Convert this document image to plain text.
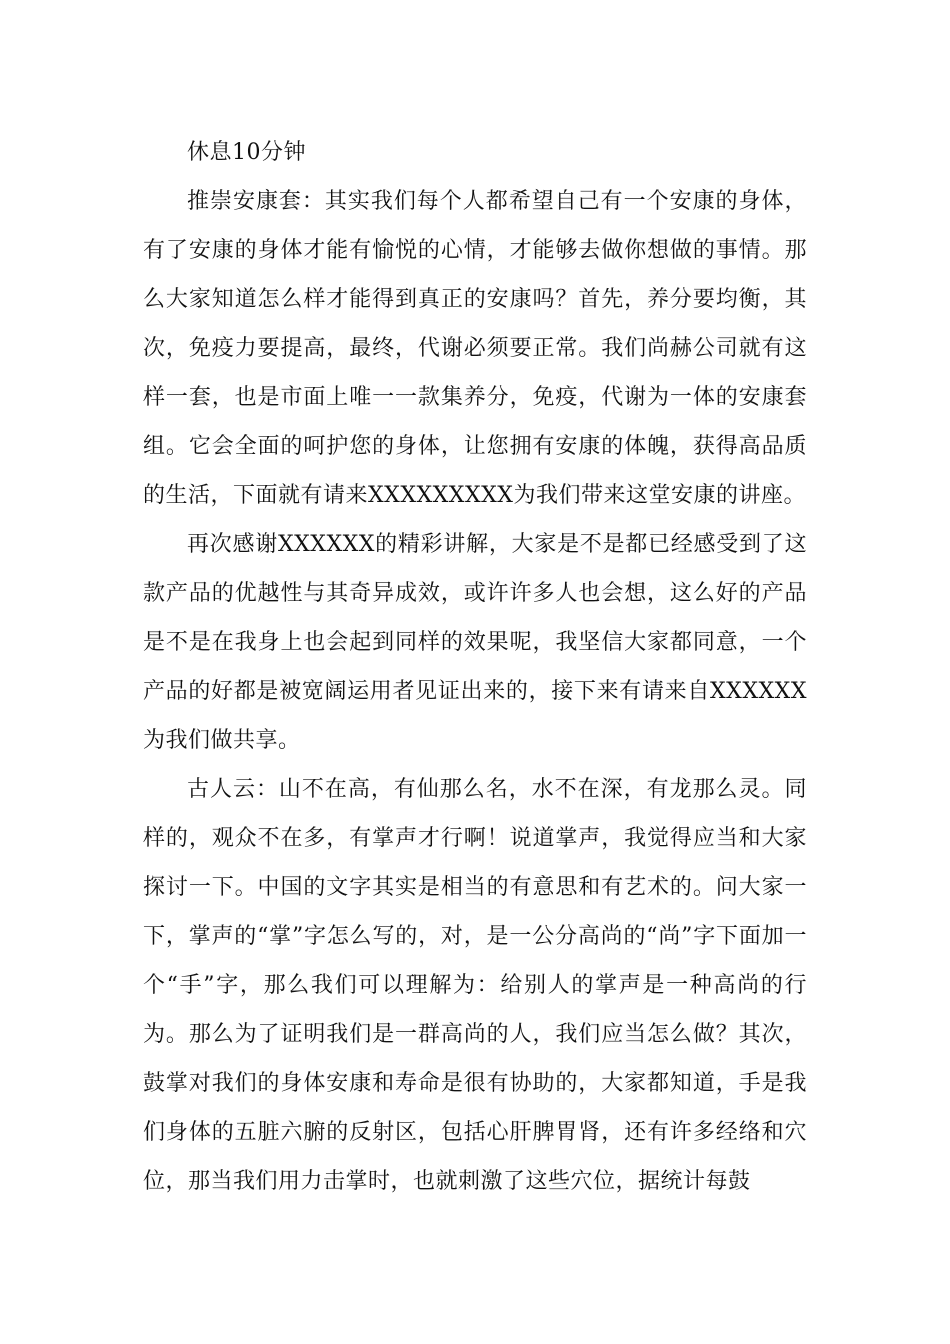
休息10分钟

推崇安康套：其实我们每个人都希望自己有一个安康的身体，有了安康的身体才能有愉悦的心情，才能够去做你想做的事情。那么大家知道怎么样才能得到真正的安康吗？首先，养分要均衡，其次，免疫力要提高，最终，代谢必须要正常。我们尚赫公司就有这样一套，也是市面上唯一一款集养分，免疫，代谢为一体的安康套组。它会全面的呵护您的身体，让您拥有安康的体魄，获得高品质的生活，下面就有请来XXXXXXXXX为我们带来这堂安康的讲座。

再次感谢XXXXXX的精彩讲解，大家是不是都已经感受到了这款产品的优越性与其奇异成效，或许许多人也会想，这么好的产品是不是在我身上也会起到同样的效果呢，我坚信大家都同意，一个产品的好都是被宽阔运用者见证出来的，接下来有请来自XXXXXX为我们做共享。

古人云：山不在高，有仙那么名，水不在深，有龙那么灵。同样的，观众不在多，有掌声才行啊！说道掌声，我觉得应当和大家探讨一下。中国的文字其实是相当的有意思和有艺术的。问大家一下，掌声的“掌”字怎么写的，对，是一公分高尚的“尚”字下面加一个“手”字，那么我们可以理解为：给别人的掌声是一种高尚的行为。那么为了证明我们是一群高尚的人，我们应当怎么做？其次，鼓掌对我们的身体安康和寿命是很有协助的，大家都知道，手是我们身体的五脏六腑的反射区，包括心肝脾胃肾，还有许多经络和穴位，那当我们用力击掌时，也就刺激了这些穴位，据统计每鼓
